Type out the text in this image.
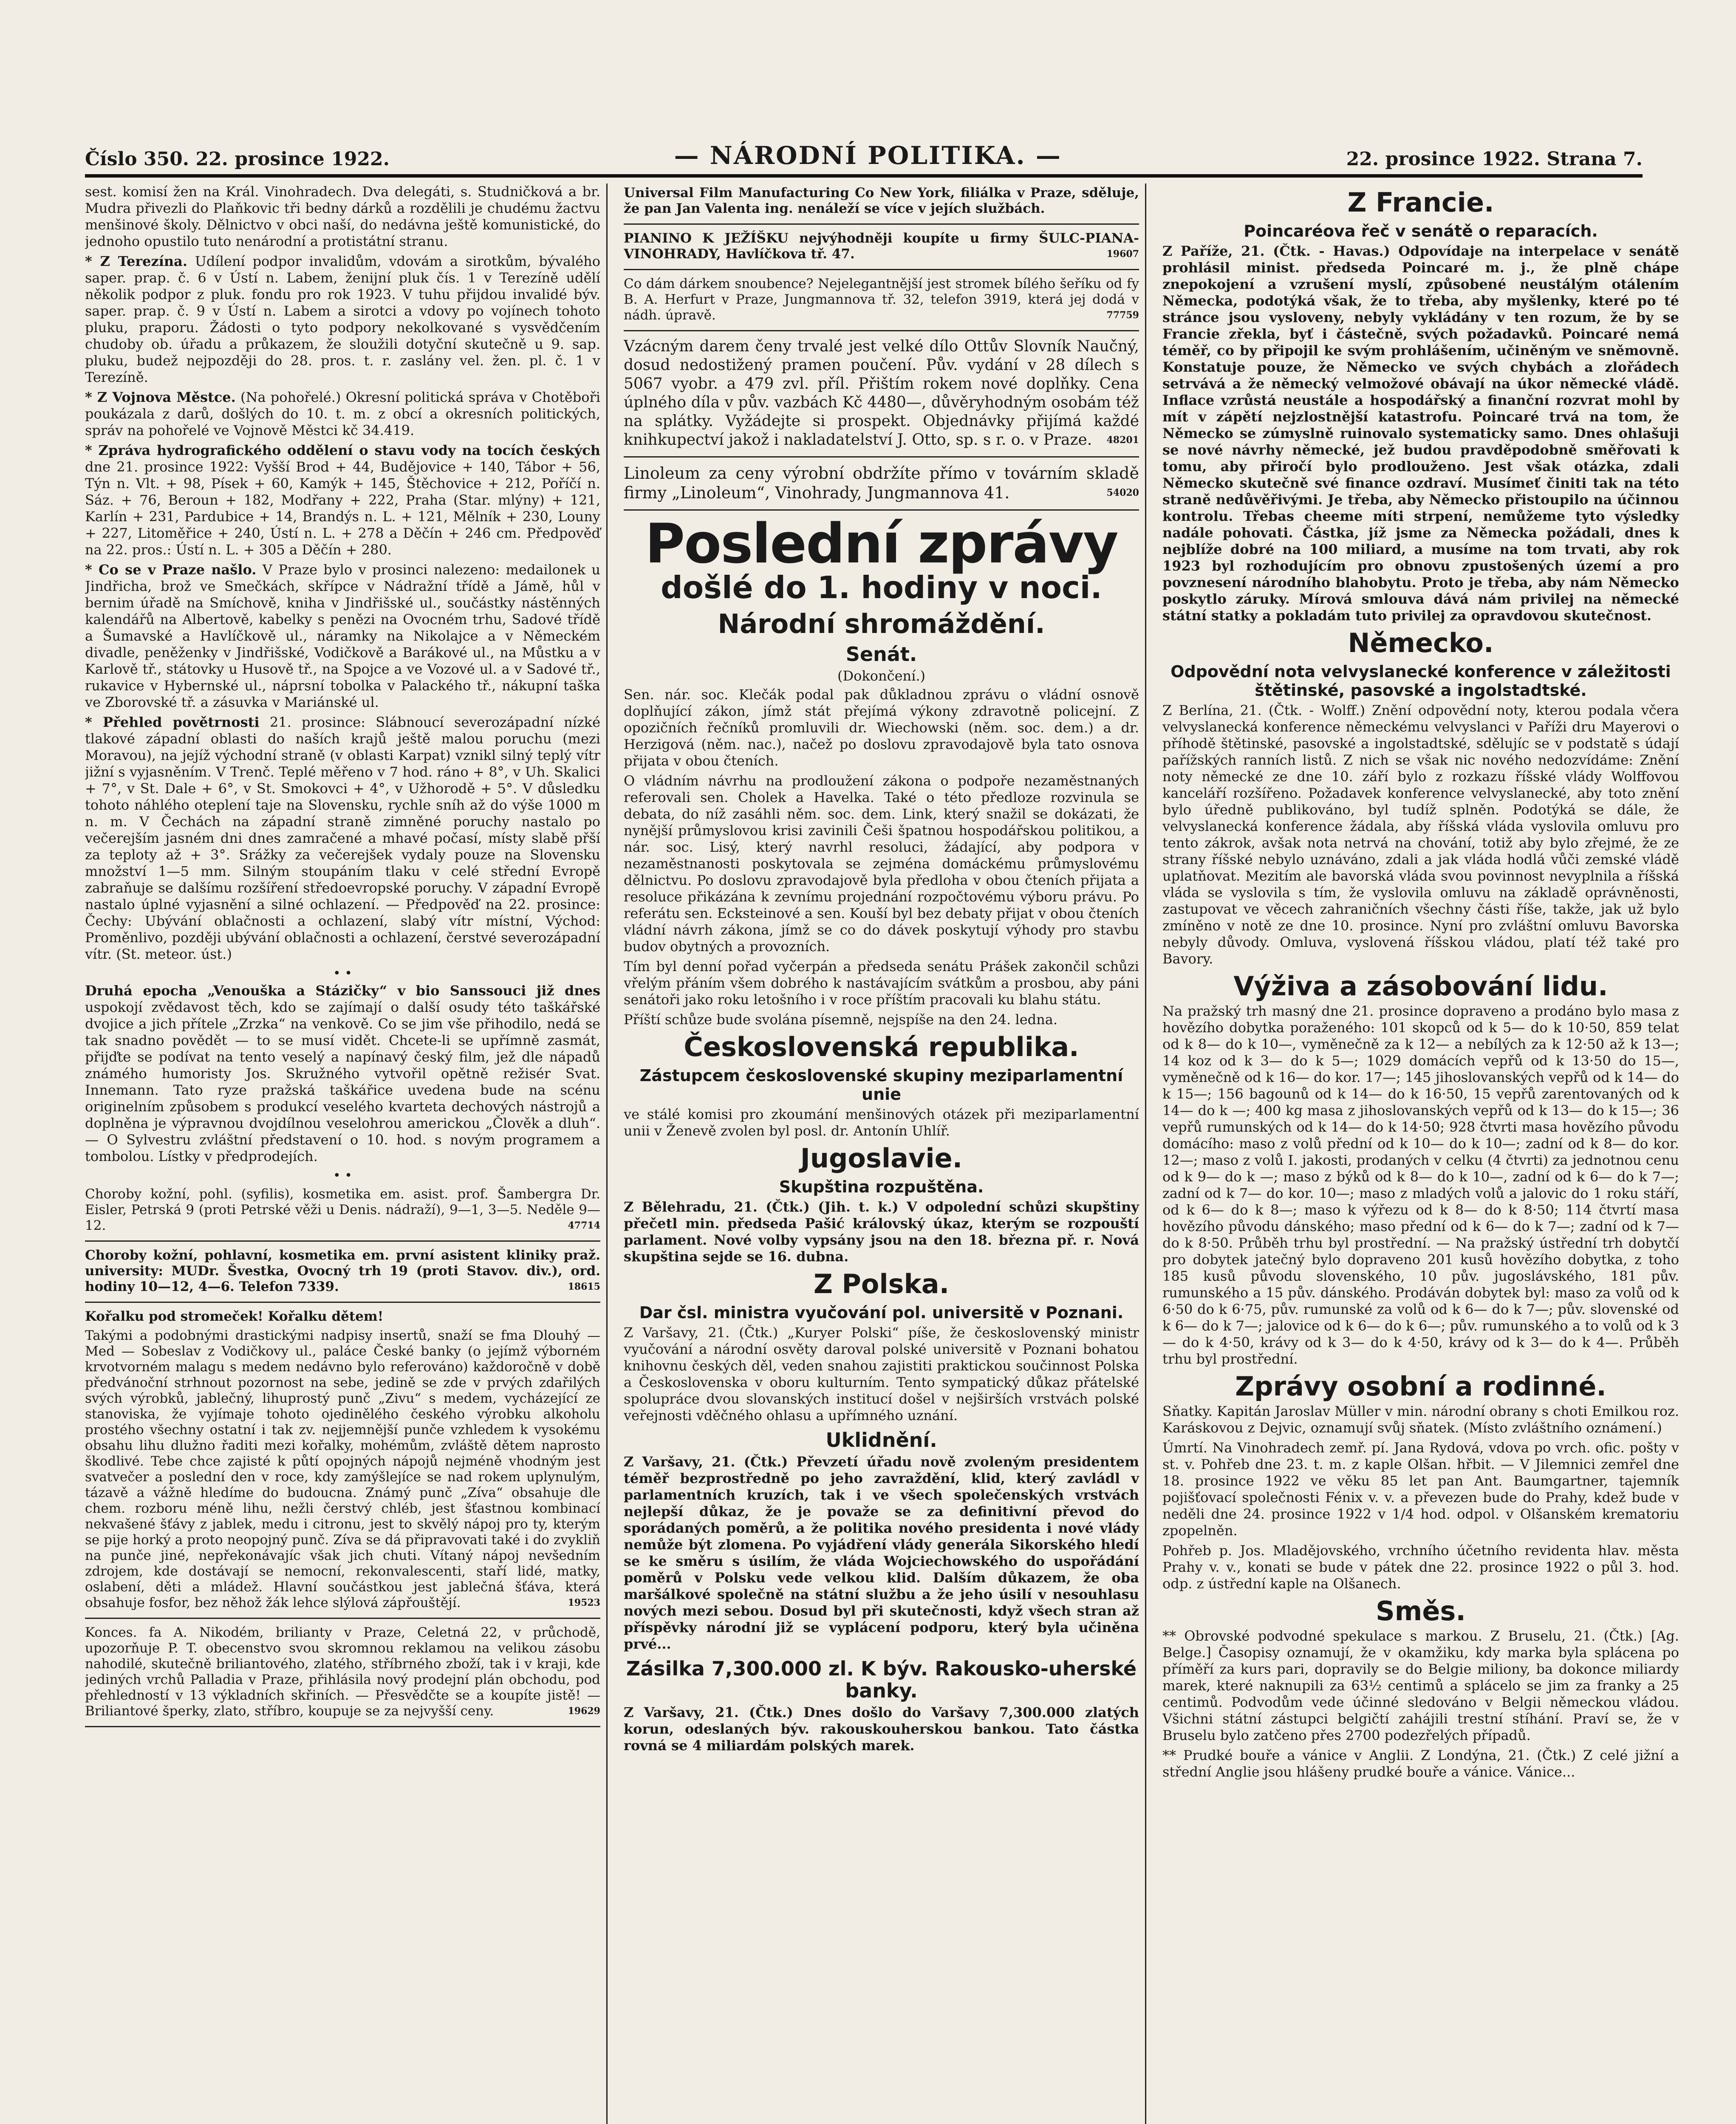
Číslo 350. 22. prosince 1922.	— NÁRODNÍ POLITIKA. —	22. prosince 1922. Strana 7.

sest. komisí žen na Král. Vinohradech. Dva delegáti, s. Studničková a br. Mudra přivezli do Plaňkovic tři bedny dárků a rozdělili je chudému žactvu menšinové školy. Dělnictvo v obci naší, do nedávna ještě komunistické, do jednoho opustilo tuto nenárodní a protistátní stranu.

* Z Terezína. Udílení podpor invalidům, vdovám a sirotkům, bývalého saper. prap. č. 6 v Ústí n. Labem, ženijní pluk čís. 1 v Terezíně udělí několik podpor z pluk. fondu pro rok 1923. V tuhu přijdou invalidé býv. saper. prap. č. 9 v Ústí n. Labem a sirotci a vdovy po vojínech tohoto pluku, praporu. Žádosti o tyto podpory nekolkované s vysvědčením chudoby ob. úřadu a průkazem, že sloužili dotyční skutečně u 9. sap. pluku, budež nejpozději do 28. pros. t. r. zaslány vel. žen. pl. č. 1 v Terezíně.

* Z Vojnova Městce. (Na pohořelé.) Okresní politická správa v Chotěboři poukázala z darů, došlých do 10. t. m. z obcí a okresních politických, správ na pohořelé ve Vojnově Městci kč 34.419.

* Zpráva hydrografického oddělení o stavu vody na tocích českých dne 21. prosince 1922: Vyšší Brod + 44, Budějovice + 140, Tábor + 56, Týn n. Vlt. + 98, Písek + 60, Kamýk + 145, Štěchovice + 212, Poříčí n. Sáz. + 76, Beroun + 182, Modřany + 222, Praha (Star. mlýny) + 121, Karlín + 231, Pardubice + 14, Brandýs n. L. + 121, Mělník + 230, Louny + 227, Litoměřice + 240, Ústí n. L. + 278 a Děčín + 246 cm. Předpověď na 22. pros.: Ústí n. L. + 305 a Děčín + 280.

* Co se v Praze našlo. V Praze bylo v prosinci nalezeno: medailonek u Jindřicha, brož ve Smečkách, skřípce v Nádražní třídě a Jámě, hůl v bernim úřadě na Smíchově, kniha v Jindřišské ul., součástky nástěnných kalendářů na Albertově, kabelky s penězi na Ovocném trhu, Sadové třídě a Šumavské a Havlíčkově ul., náramky na Nikolajce a v Německém divadle, peněženky v Jindřišské, Vodičkově a Barákové ul., na Můstku a v Karlově tř., státovky u Husově tř., na Spojce a ve Vozové ul. a v Sadové tř., rukavice v Hybernské ul., náprsní tobolka v Palackého tř., nákupní taška ve Zborovské tř. a zásuvka v Mariánské ul.

* Přehled povětrnosti 21. prosince: Slábnoucí severozápadní nízké tlakové západní oblasti do naších krajů ještě malou poruchu (mezi Moravou), na jejíž východní straně (v oblasti Karpat) vznikl silný teplý vítr jižní s vyjasněním. V Trenč. Teplé měřeno v 7 hod. ráno + 8°, v Uh. Skalici + 7°, v St. Dale + 6°, v St. Smokovci + 4°, v Užhorodě + 5°. V důsledku tohoto náhlého oteplení taje na Slovensku, rychle sníh až do výše 1000 m n. m. V Čechách na západní straně zimněné poruchy nastalo po večerejším jasném dni dnes zamračené a mhavé počasí, místy slabě přší za teploty až + 3°. Srážky za večerejšek vydaly pouze na Slovensku množství 1—5 mm. Silným stoupáním tlaku v celé střední Evropě zabraňuje se dalšímu rozšíření středoevropské poruchy. V západní Evropě nastalo úplné vyjasnění a silné ochlazení. — Předpověď na 22. prosince: Čechy: Ubývání oblačnosti a ochlazení, slabý vítr místní, Východ: Proměnlivo, později ubývání oblačnosti a ochlazení, čerstvé severozápadní vítr. (St. meteor. úst.)

• •

Druhá epocha „Venouška a Stázičky“ v bio Sanssouci již dnes uspokojí zvědavost těch, kdo se zajímají o další osudy této taškářské dvojice a jich přítele „Zrzka“ na venkově. Co se jim vše přihodilo, nedá se tak snadno povědět — to se musí vidět. Chcete-li se upřímně zasmát, přijďte se podívat na tento veselý a napínavý český film, jež dle nápadů známého humoristy Jos. Skružného vytvořil opětně režisér Svat. Innemann. Tato ryze pražská taškářice uvedena bude na scénu originelním způsobem s produkcí veselého kvarteta dechových nástrojů a doplněna je výpravnou dvojdílnou veselohrou americkou „Člověk a dluh“. — O Sylvestru zvláštní představení o 10. hod. s novým programem a tombolou. Lístky v předprodejích.

• •

Choroby kožní, pohl. (syfilis), kosmetika em. asist. prof. Šambergra Dr. Eisler, Petrská 9 (proti Petrské věži u Denis. nádraží), 9—1, 3—5. Neděle 9—12.	47714

Choroby kožní, pohlavní, kosmetika em. první asistent kliniky praž. university: MUDr. Švestka, Ovocný trh 19 (proti Stavov. div.), ord. hodiny 10—12, 4—6. Telefon 7339.	18615

Kořalku pod stromeček! Kořalku dětem!

Takými a podobnými drastickými nadpisy insertů, snaží se fma Dlouhý — Med — Sobeslav z Vodičkovy ul., paláce České banky (o jejímž výborném krvotvorném malagu s medem nedávno bylo referováno) každoročně v době předvánoční strhnout pozornost na sebe, jedině se zde v prvých zdařilých svých výrobků, jablečný, lihuprostý punč „Zivu“ s medem, vycházející ze stanoviska, že vyjímaje tohoto ojedinělého českého výrobku alkoholu prostého všechny ostatní i tak zv. nejjemnější punče vzhledem k vysokému obsahu lihu dlužno řaditi mezi kořalky, mohémům, zvláště dětem naprosto škodlivé. Tebe chce zajisté k půtí opojných nápojů nejméně vhodným jest svatvečer a poslední den v roce, kdy zamýšlejíce se nad rokem uplynulým, tázavě a vážně hledíme do budoucna. Známý punč „Zíva“ obsahuje dle chem. rozboru méně lihu, nežli čerstvý chléb, jest šťastnou kombinací nekvašené šťávy z jablek, medu i citronu, jest to skvělý nápoj pro ty, kterým se pije horký a proto neopojný punč. Zíva se dá připravovati také i do zvykliň na punče jiné, nepřekonávajíc však jich chuti. Vítaný nápoj nevšedním zdrojem, kde dostávají se nemocní, rekonvalescenti, staří lidé, matky, oslabení, děti a mládež. Hlavní součástkou jest jablečná šťáva, která obsahuje fosfor, bez něhož žák lehce slýlová zápřouštějí.	19523

Konces. fa A. Nikodém, brilianty v Praze, Celetná 22, v průchodě, upozorňuje P. T. obecenstvo svou skromnou reklamou na velikou zásobu nahodilé, skutečně briliantového, zlatého, stříbrného zboží, tak i v kraji, kde jediných vrchů Palladia v Praze, přihlásila nový prodejní plán obchodu, pod přehledností v 13 výkladních skřiních. — Přesvědčte se a koupíte jistě! — Briliantové šperky, zlato, stříbro, koupuje se za nejvyšší ceny.	19629

Universal Film Manufacturing Co New York, filiálka v Praze, sděluje, že pan Jan Valenta ing. nenáleží se více v jejích službách.

PIANINO K JEŽÍŠKU nejvýhodněji koupíte u firmy ŠULC-PIANA-VINOHRADY, Havlíčkova tř. 47.	19607

Co dám dárkem snoubence? Nejelegantnější jest stromek bílého šeříku od fy B. A. Herfurt v Praze, Jungmannova tř. 32, telefon 3919, která jej dodá v nádh. úpravě.	77759

Vzácným darem čeny trvalé jest velké dílo Ottův Slovník Naučný, dosud nedostižený pramen poučení. Pův. vydání v 28 dílech s 5067 vyobr. a 479 zvl. příl. Přištím rokem nové doplňky. Cena úplného díla v pův. vazbách Kč 4480—, důvěryhodným osobám též na splátky. Vyžádejte si prospekt. Objednávky přijímá každé knihkupectví jakož i nakladatelství J. Otto, sp. s r. o. v Praze. 48201

Linoleum za ceny výrobní obdržíte přímo v továrním skladě firmy „Linoleum“, Vinohrady, Jungmannova 41.	54020

Poslední zprávy
došlé do 1. hodiny v noci.
Národní shromáždění.
Senát.
(Dokončení.)

Sen. nár. soc. Klečák podal pak důkladnou zprávu o vládní osnově doplňující zákon, jímž stát přejímá výkony zdravotně policejní. Z opozičních řečníků promluvili dr. Wiechowski (něm. soc. dem.) a dr. Herzigová (něm. nac.), načež po doslovu zpravodajově byla tato osnova přijata v obou čteních.

O vládním návrhu na prodloužení zákona o podpoře nezaměstnaných referovali sen. Cholek a Havelka. Také o této předloze rozvinula se debata, do níž zasáhli něm. soc. dem. Link, který snažil se dokázati, že nynější průmyslovou krisi zavinili Češi špatnou hospodářskou politikou, a nár. soc. Lisý, který navrhl resoluci, žádající, aby podpora v nezaměstnanosti poskytovala se zejména domáckému průmyslovému dělnictvu. Po doslovu zpravodajově byla předloha v obou čteních přijata a resoluce přikázána k zevnímu projednání rozpočtovému výboru právu. Po referátu sen. Ecksteinové a sen. Kouší byl bez debaty přijat v obou čteních vládní návrh zákona, jímž se co do dávek poskytují výhody pro stavbu budov obytných a provozních.

Tím byl denní pořad vyčerpán a předseda senátu Prášek zakončil schůzi vřelým přáním všem dobrého k nastávajícím svátkům a prosbou, aby páni senátoři jako roku letošního i v roce příštím pracovali ku blahu státu.

Příští schůze bude svolána písemně, nejspíše na den 24. ledna.

Československá republika.
Zástupcem československé skupiny meziparlamentní unie

ve stálé komisi pro zkoumání menšinových otázek při meziparlamentní unii v Ženevě zvolen byl posl. dr. Antonín Uhlíř.

Jugoslavie.
Skupština rozpuštěna.

Z Bělehradu, 21. (Čtk.) (Jih. t. k.) V odpolední schůzi skupštiny přečetl min. předseda Pašić královský úkaz, kterým se rozpouští parlament. Nové volby vypsány jsou na den 18. března př. r. Nová skupština sejde se 16. dubna.

Z Polska.
Dar čsl. ministra vyučování pol. universitě v Poznani.

Z Varšavy, 21. (Čtk.) „Kuryer Polski“ píše, že československý ministr vyučování a národní osvěty daroval polské universitě v Poznani bohatou knihovnu českých děl, veden snahou zajistiti praktickou součinnost Polska a Československa v oboru kulturním. Tento sympatický důkaz přátelské spolupráce dvou slovanských institucí došel v nejširších vrstvách polské veřejnosti vděčného ohlasu a upřímného uznání.

Uklidnění.

Z Varšavy, 21. (Čtk.) Převzetí úřadu nově zvoleným presidentem téměř bezprostředně po jeho zavraždění, klid, který zavládl v parlamentních kruzích, tak i ve všech společenských vrstvách nejlepší důkaz, že je považe se za definitivní převod do sporádaných poměrů, a že politika nového presidenta i nové vlády nemůže být zlomena. Po vyjádření vlády generála Sikorského hledí se ke směru s úsilím, že vláda Wojciechowského do uspořádání poměrů v Polsku vede velkou klid. Dalším důkazem, že oba maršálkové společně na státní službu a že jeho úsilí v nesouhlasu nových mezi sebou. Dosud byl při skutečnosti, když všech stran až příspěvky národní již se vyplácení podporu, který byla učiněna prvé...

Zásilka 7,300.000 zl. K býv. Rakousko-uherské banky.

Z Varšavy, 21. (Čtk.) Dnes došlo do Varšavy 7,300.000 zlatých korun, odeslaných býv. rakouskouherskou bankou. Tato částka rovná se 4 miliardám polských marek.

Z Francie.
Poincaréova řeč v senátě o reparacích.

Z Paříže, 21. (Čtk. - Havas.) Odpovídaje na interpelace v senátě prohlásil minist. předseda Poincaré m. j., že plně chápe znepokojení a vzrušení myslí, způsobené neustálým otálením Německa, podotýká však, že to třeba, aby myšlenky, které po té stránce jsou vysloveny, nebyly vykládány v ten rozum, že by se Francie zřekla, byť i částečně, svých požadavků. Poincaré nemá téměř, co by připojil ke svým prohlášením, učiněným ve sněmovně. Konstatuje pouze, že Německo ve svých chybách a zlořádech setrvává a že německý velmožové obávají na úkor německé vládě. Inflace vzrůstá neustále a hospodářský a finanční rozvrat mohl by mít v zápětí nejzlostnější katastrofu. Poincaré trvá na tom, že Německo se zúmyslně ruinovalo systematicky samo. Dnes ohlašuji se nové návrhy německé, jež budou pravděpodobně směřovati k tomu, aby přiročí bylo prodlouženo. Jest však otázka, zdali Německo skutečně své finance ozdraví. Musímeť činiti tak na této straně nedůvěřivými. Je třeba, aby Německo přistoupilo na účinnou kontrolu. Třebas cheeme míti strpení, nemůžeme tyto výsledky nadále pohovati. Částka, jíž jsme za Německa požádali, dnes k nejblíže dobré na 100 miliard, a musíme na tom trvati, aby rok 1923 byl rozhodujícím pro obnovu zpustošených území a pro povznesení národního blahobytu. Proto je třeba, aby nám Německo poskytlo záruky. Mírová smlouva dává nám privilej na německé státní statky a pokladám tuto privilej za opravdovou skutečnost.

Německo.
Odpovědní nota velvyslanecké konference v záležitosti štětinské, pasovské a ingolstadtské.

Z Berlína, 21. (Čtk. - Wolff.) Znění odpovědní noty, kterou podala včera velvyslanecká konference německému velvyslanci v Paříži dru Mayerovi o příhodě štětinské, pasovské a ingolstadtské, sdělujíc se v podstatě s údají pařížských ranních listů. Z nich se však nic nového nedozvídáme: Znění noty německé ze dne 10. září bylo z rozkazu říšské vlády Wolffovou kanceláří rozšířeno. Požadavek konference velvyslanecké, aby toto znění bylo úředně publikováno, byl tudíž splněn. Podotýká se dále, že velvyslanecká konference žádala, aby říšská vláda vyslovila omluvu pro tento zákrok, avšak nota netrvá na chování, totiž aby bylo zřejmé, že ze strany říšské nebylo uznáváno, zdali a jak vláda hodlá vůči zemské vládě uplatňovat. Mezitím ale bavorská vláda svou povinnost nevyplnila a říšská vláda se vyslovila s tím, že vyslovila omluvu na základě oprávněnosti, zastupovat ve věcech zahraničních všechny části říše, takže, jak už bylo zmíněno v notě ze dne 10. prosince. Nyní pro zvláštní omluvu Bavorska nebyly důvody. Omluva, vyslovená říšskou vládou, platí též také pro Bavory.

Výživa a zásobování lidu.

Na pražský trh masný dne 21. prosince dopraveno a prodáno bylo masa z hovězího dobytka poraženého: 101 skopců od k 5— do k 10·50, 859 telat od k 8— do k 10—, vyměnečně za k 12— a nebílých za k 12·50 až k 13—; 14 koz od k 3— do k 5—; 1029 domácích vepřů od k 13·50 do 15—, vyměnečně od k 16— do kor. 17—; 145 jihoslovanských vepřů od k 14— do k 15—; 156 bagounů od k 14— do k 16·50, 15 vepřů zarentovaných od k 14— do k —; 400 kg masa z jihoslovanských vepřů od k 13— do k 15—; 36 vepřů rumunských od k 14— do k 14·50; 928 čtvrti masa hovězího původu domácího: maso z volů přední od k 10— do k 10—; zadní od k 8— do kor. 12—; maso z volů I. jakosti, prodaných v celku (4 čtvrti) za jednotnou cenu od k 9— do k —; maso z býků od k 8— do k 10—, zadní od k 6— do k 7—; zadní od k 7— do kor. 10—; maso z mladých volů a jalovic do 1 roku stáří, od k 6— do k 8—; maso k výřezu od k 8— do k 8·50; 114 čtvrtí masa hovězího původu dánského; maso přední od k 6— do k 7—; zadní od k 7— do k 8·50. Průběh trhu byl prostřední. — Na pražský ústřední trh dobytčí pro dobytek jatečný bylo dopraveno 201 kusů hovězího dobytka, z toho 185 kusů původu slovenského, 10 pův. jugoslávského, 181 pův. rumunského a 15 pův. dánského. Prodáván dobytek byl: maso za volů od k 6·50 do k 6·75, pův. rumunské za volů od k 6— do k 7—; pův. slovenské od k 6— do k 7—; jalovice od k 6— do k 6—; pův. rumunského a to volů od k 3— do k 4·50, krávy od k 3— do k 4·50, krávy od k 3— do k 4—. Průběh trhu byl prostřední.

Zprávy osobní a rodinné.

Sňatky. Kapitán Jaroslav Müller v min. národní obrany s choti Emilkou roz. Karáskovou z Dejvic, oznamují svůj sňatek. (Místo zvláštního oznámení.)

Úmrtí. Na Vinohradech zemř. pí. Jana Rydová, vdova po vrch. ofic. pošty v st. v. Pohřeb dne 23. t. m. z kaple Olšan. hřbit. — V Jilemnici zemřel dne 18. prosince 1922 ve věku 85 let pan Ant. Baumgartner, tajemník pojišťovací společnosti Fénix v. v. a převezen bude do Prahy, kdež bude v neděli dne 24. prosince 1922 v 1/4 hod. odpol. v Olšanském krematoriu zpopelněn.

Pohřeb p. Jos. Mladějovského, vrchního účetního revidenta hlav. města Prahy v. v., konati se bude v pátek dne 22. prosince 1922 o půl 3. hod. odp. z ústřední kaple na Olšanech.

Směs.

** Obrovské podvodné spekulace s markou. Z Bruselu, 21. (Čtk.) [Ag. Belge.] Časopisy oznamují, že v okamžiku, kdy marka byla splácena po příměří za kurs pari, dopravily se do Belgie miliony, ba dokonce miliardy marek, které naknupili za 63½ centimů a splácelo se jim za franky a 25 centimů. Podvodům vede účinné sledováno v Belgii německou vládou. Všichni státní zástupci belgičtí zahájili trestní stíhání. Praví se, že v Bruselu bylo zatčeno přes 2700 podezřelých případů.

** Prudké bouře a vánice v Anglii. Z Londýna, 21. (Čtk.) Z celé jižní a střední Anglie jsou hlášeny prudké bouře a vánice. Vánice...
